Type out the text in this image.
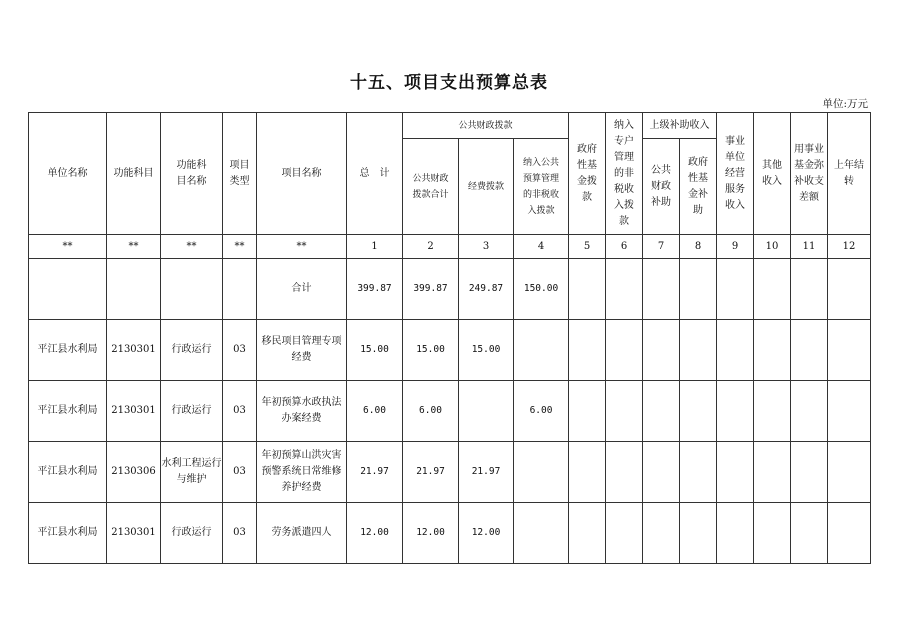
十五、项目支出预算总表
单位:万元
单位名称	功能科目	功能科目名称	项目类型	项目名称	总　计	公共财政拨款			政府性基金拨款	纳入专户管理的非税收入拨款	上级补助收入		事业单位经营服务收入	其他收入	用事业基金弥补收支差额	上年结转
						公共财政拨款合计	经费拨款	纳入公共预算管理的非税收入拨款			公共财政补助	政府性基金补助				
**	**	**	**	**	1	2	3	4	5	6	7	8	9	10	11	12
				合计	399.87	399.87	249.87	150.00								
平江县水利局	2130301	行政运行	03	移民项目管理专项经费	15.00	15.00	15.00									
平江县水利局	2130301	行政运行	03	年初预算水政执法办案经费	6.00	6.00		6.00								
平江县水利局	2130306	水利工程运行与维护	03	年初预算山洪灾害预警系统日常维修养护经费	21.97	21.97	21.97									
平江县水利局	2130301	行政运行	03	劳务派遣四人	12.00	12.00	12.00									
